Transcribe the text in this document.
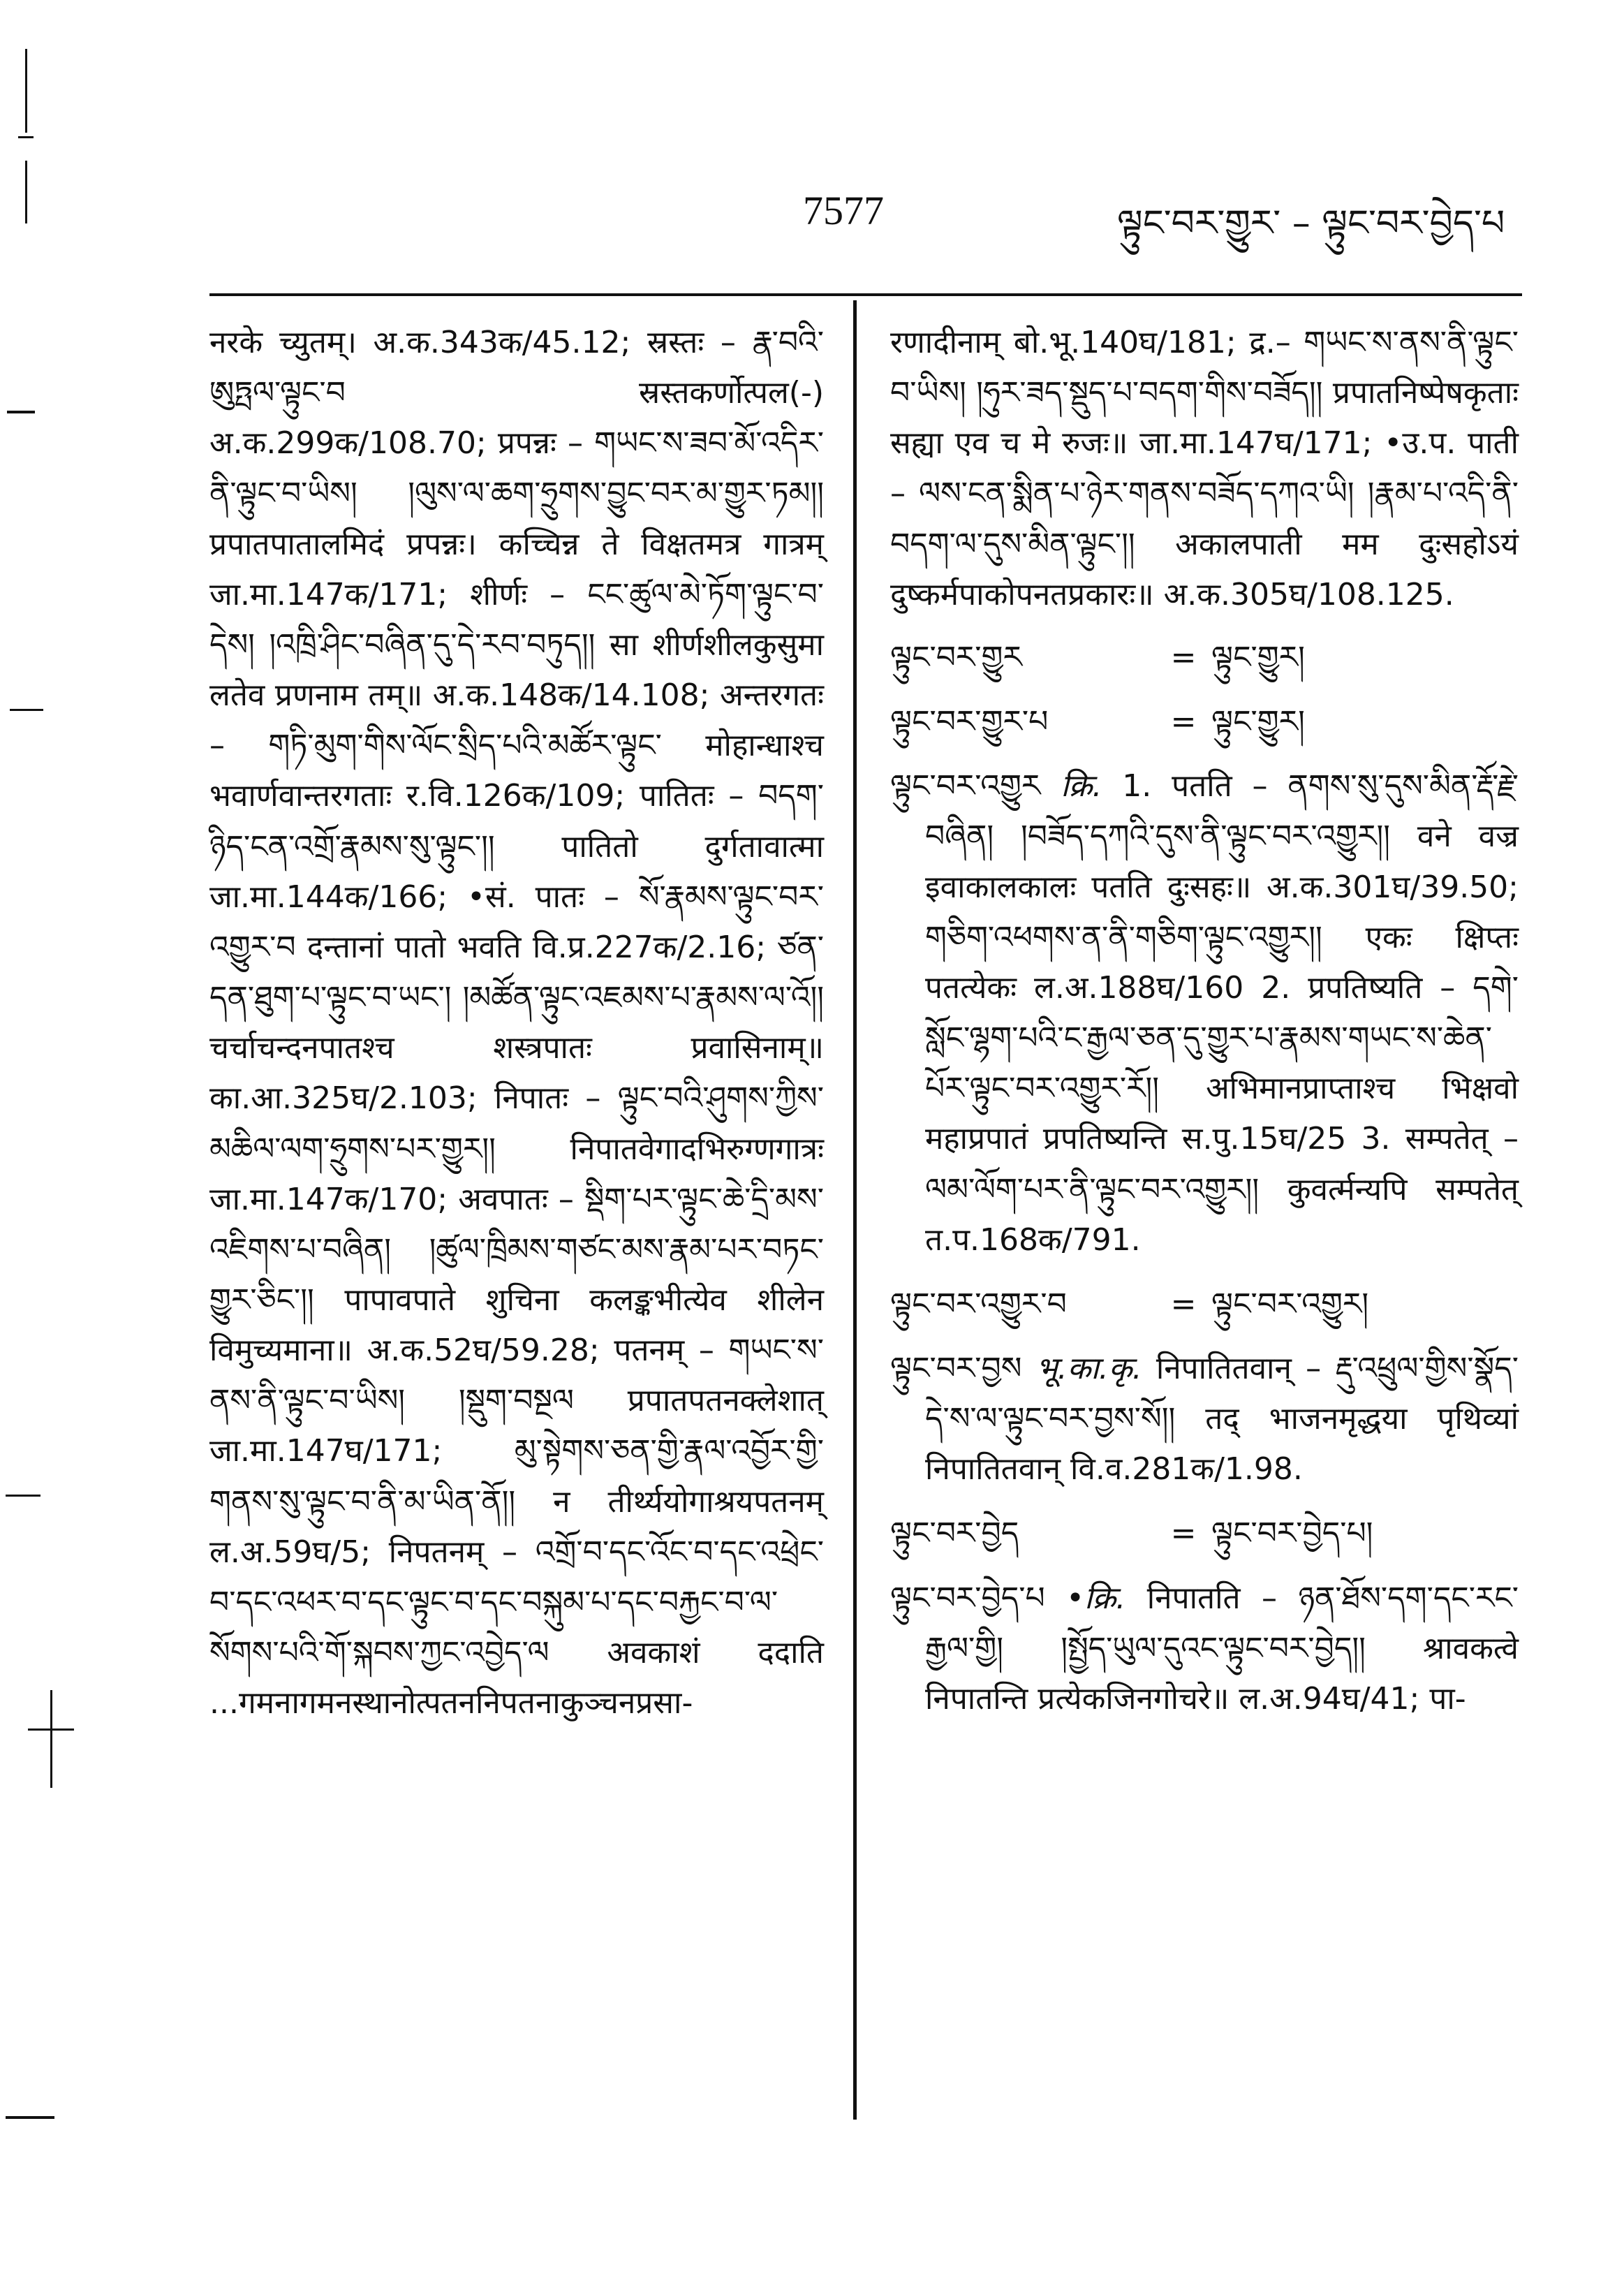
7577	ལྟུང་བར་གྱུར་ – ལྟུང་བར་བྱེད་པ

नरके च्युतम्। अ.क.343क/45.12; स्रस्तः – རྣ་བའི་ཨུཏྤལ་ལྟུང་བ स्रस्तकर्णोत्पल(-) अ.क.299क/108.70; प्रपन्नः – གཡང་ས་ཟབ་མོ་འདིར་ནི་ལྟུང་བ་ཡིས། །ལུས་ལ་ཆག་ཧྲུགས་བྱུང་བར་མ་གྱུར་ཏམ།། प्रपातपातालमिदं प्रपन्नः। कच्चिन्न ते विक्षतमत्र गात्रम् जा.मा.147क/171; शीर्णः – ངང་ཚུལ་མེ་ཏོག་ལྟུང་བ་དེས། །འཁྲི་ཤིང་བཞིན་དུ་དེ་རབ་བཏུད།། सा शीर्णशीलकुसुमा लतेव प्रणनाम तम्॥ अ.क.148क/14.108; अन्तरगतः – གཏི་མུག་གིས་ལོང་སྲིད་པའི་མཚོར་ལྟུང་ मोहान्धाश्च भवार्णवान्तरगताः र.वि.126क/109; पातितः – བདག་ཉིད་ངན་འགྲོ་རྣམས་སུ་ལྟུང་།། पातितो दुर्गतावात्मा जा.मा.144क/166; •सं. पातः – སོ་རྣམས་ལྟུང་བར་འགྱུར་བ दन्तानां पातो भवति वि.प्र.227क/2.16; ཙན་དན་ཐུག་པ་ལྟུང་བ་ཡང་། །མཚོན་ལྟུང་འཇམས་པ་རྣམས་ལ་འོ།། चर्चाचन्दनपातश्च शस्त्रपातः प्रवासिनाम्॥ का.आ.325घ/2.103; निपातः – ལྟུང་བའི་ཤུགས་ཀྱིས་མཆིལ་ལག་ཧྲུགས་པར་གྱུར།། निपातवेगादभिरुग्णगात्रः जा.मा.147क/170; अवपातः – སྡིག་པར་ལྟུང་ཆེ་དྲི་མས་འཇིགས་པ་བཞིན། །ཚུལ་ཁྲིམས་གཙང་མས་རྣམ་པར་བཏང་གྱུར་ཅིང་།། पापावपाते शुचिना कलङ्कभीत्येव शीलेन विमुच्यमाना॥ अ.क.52घ/59.28; पतनम् – གཡང་ས་ནས་ནི་ལྟུང་བ་ཡིས། །སྡུག་བསྔལ प्रपातपतनक्लेशात् जा.मा.147घ/171; མུ་སྟེགས་ཅན་གྱི་རྣལ་འབྱོར་གྱི་གནས་སུ་ལྟུང་བ་ནི་མ་ཡིན་ནོ།། न तीर्थ्ययोगाश्रयपतनम् ल.अ.59घ/5; निपतनम् – འགྲོ་བ་དང་འོང་བ་དང་འཕྲེང་བ་དང་འཕར་བ་དང་ལྟུང་བ་དང་བསྐུམ་པ་དང་བརྐྱང་བ་ལ་སོགས་པའི་གོ་སྐབས་ཀྱང་འབྱེད་ལ अवकाशं ददाति ...गमनागमनस्थानोत्पतननिपतनाकुञ्चनप्रसा-

रणादीनाम् बो.भू.140घ/181; द्र.– གཡང་ས་ནས་ནི་ལྟུང་བ་ཡིས། །ཧུར་ཟད་སྡུད་པ་བདག་གིས་བཟོད།། प्रपातनिष्पेषकृताः सह्या एव च मे रुजः॥ जा.मा.147घ/171; •उ.प. पाती – ལས་ངན་སྨིན་པ་ཉེར་གནས་བཟོད་དཀའ་ཡི། །རྣམ་པ་འདི་ནི་བདག་ལ་དུས་མིན་ལྟུང་།། अकालपाती मम दुःसहोऽयं दुष्कर्मपाकोपनतप्रकारः॥ अ.क.305घ/108.125.

ལྟུང་བར་གྱུར	= ལྟུང་གྱུར།
ལྟུང་བར་གྱུར་པ	= ལྟུང་གྱུར།

ལྟུང་བར་འགྱུར क्रि. 1. पतति – ནགས་སུ་དུས་མིན་རྡོ་རྗེ་བཞིན། །བཟོད་དཀའི་དུས་ནི་ལྟུང་བར་འགྱུར།། वने वज्र इवाकालकालः पतति दुःसहः॥ अ.क.301घ/39.50; གཅིག་འཕགས་ན་ནི་གཅིག་ལྟུང་འགྱུར།། एकः क्षिप्तः पतत्येकः ल.अ.188घ/160 2. प्रपतिष्यति – དགེ་སློང་ལྷག་པའི་ང་རྒྱལ་ཅན་དུ་གྱུར་པ་རྣམས་གཡང་ས་ཆེན་པོར་ལྟུང་བར་འགྱུར་རོ།། अभिमानप्राप्ताश्च भिक्षवो महाप्रपातं प्रपतिष्यन्ति स.पु.15घ/25 3. सम्पतेत् – ལམ་ལོག་པར་ནི་ལྟུང་བར་འགྱུར།། कुवर्त्मन्यपि सम्पतेत् त.प.168क/791.

ལྟུང་བར་འགྱུར་བ	= ལྟུང་བར་འགྱུར།

ལྟུང་བར་བྱས भू.का.कृ. निपातितवान् – རྡུ་འཕྲུལ་གྱིས་སྣོད་དེ་ས་ལ་ལྟུང་བར་བྱས་སོ།། तद् भाजनमृद्धया पृथिव्यां निपातितवान् वि.व.281क/1.98.

ལྟུང་བར་བྱེད	= ལྟུང་བར་བྱེད་པ།

ལྟུང་བར་བྱེད་པ •क्रि. निपातति – ཉན་ཐོས་དག་དང་རང་རྒྱལ་གྱི། །སྤྱོད་ཡུལ་དུའང་ལྟུང་བར་བྱེད།། श्रावकत्वे निपातन्ति प्रत्येकजिनगोचरे॥ ल.अ.94घ/41; पा-
